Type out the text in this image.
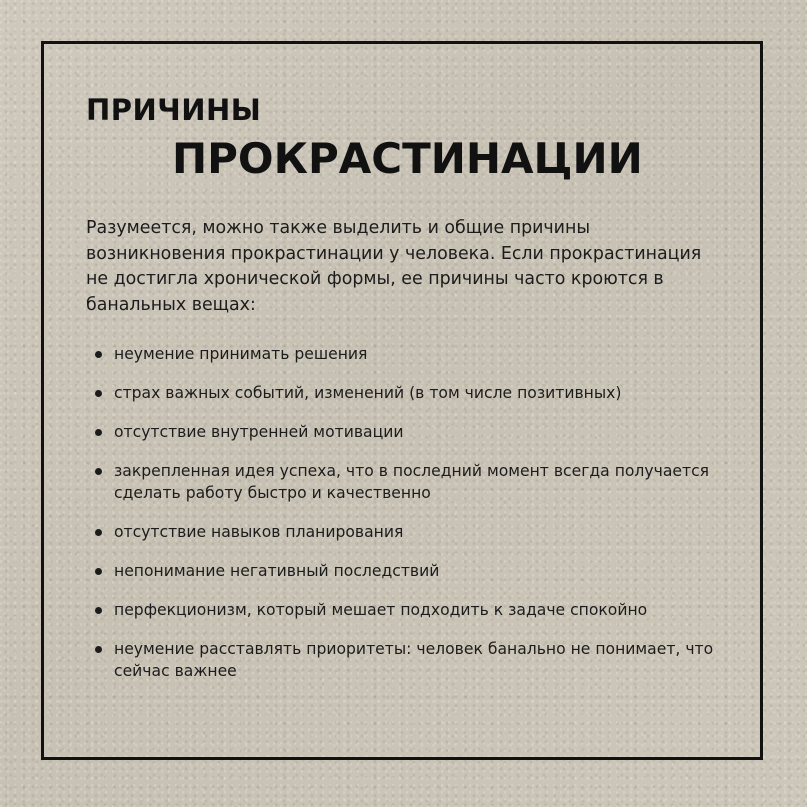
ПРИЧИНЫ
ПРОКРАСТИНАЦИИ

Разумеется, можно также выделить и общие причины возникновения прокрастинации у человека. Если прокрастинация не достигла хронической формы, ее причины часто кроются в банальных вещах:

неумение принимать решения
страх важных событий, изменений (в том числе позитивных)
отсутствие внутренней мотивации
закрепленная идея успеха, что в последний момент всегда получается сделать работу быстро и качественно
отсутствие навыков планирования
непонимание негативный последствий
перфекционизм, который мешает подходить к задаче спокойно
неумение расставлять приоритеты: человек банально не понимает, что сейчас важнее
